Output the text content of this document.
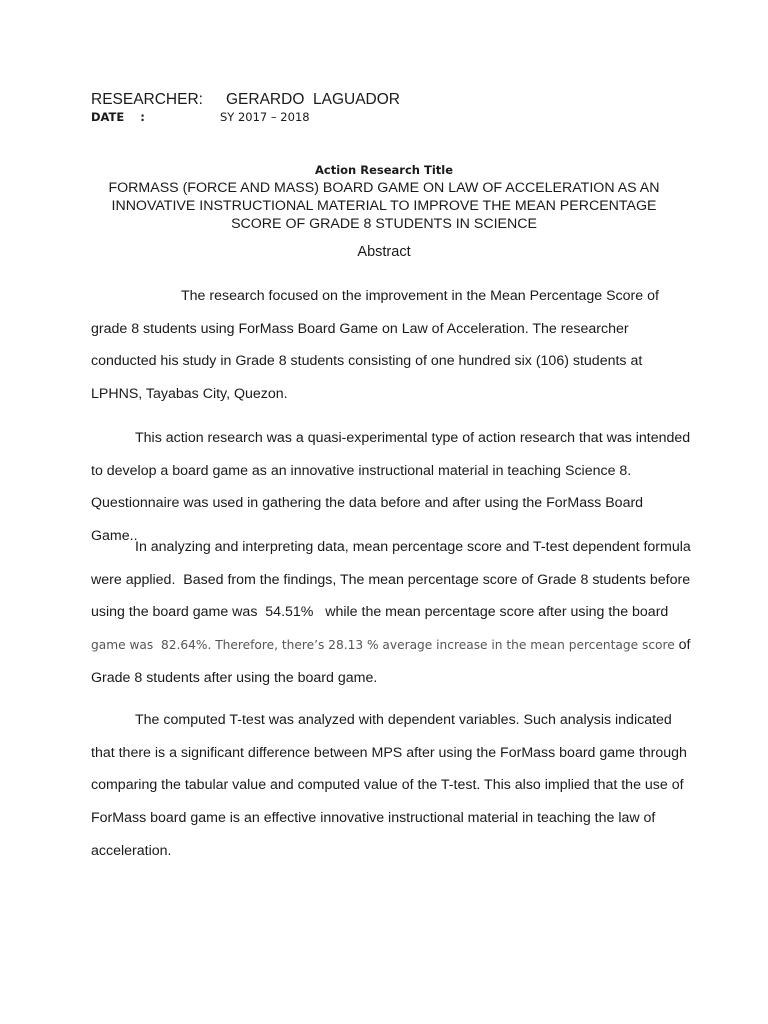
RESEARCHER: GERARDO  LAGUADOR
DATE    :	SY 2017 – 2018
Action Research Title
FORMASS (FORCE AND MASS) BOARD GAME ON LAW OF ACCELERATION AS AN INNOVATIVE INSTRUCTIONAL MATERIAL TO IMPROVE THE MEAN PERCENTAGE SCORE OF GRADE 8 STUDENTS IN SCIENCE
Abstract

The research focused on the improvement in the Mean Percentage Score of grade 8 students using ForMass Board Game on Law of Acceleration. The researcher conducted his study in Grade 8 students consisting of one hundred six (106) students at LPHNS, Tayabas City, Quezon.

This action research was a quasi-experimental type of action research that was intended to develop a board game as an innovative instructional material in teaching Science 8. Questionnaire was used in gathering the data before and after using the ForMass Board Game..

In analyzing and interpreting data, mean percentage score and T-test dependent formula were applied.  Based from the findings, The mean percentage score of Grade 8 students before using the board game was  54.51%   while the mean percentage score after using the board game was  82.64%. Therefore, there’s 28.13 % average increase in the mean percentage score of Grade 8 students after using the board game.

The computed T-test was analyzed with dependent variables. Such analysis indicated that there is a significant difference between MPS after using the ForMass board game through comparing the tabular value and computed value of the T-test. This also implied that the use of ForMass board game is an effective innovative instructional material in teaching the law of acceleration.
